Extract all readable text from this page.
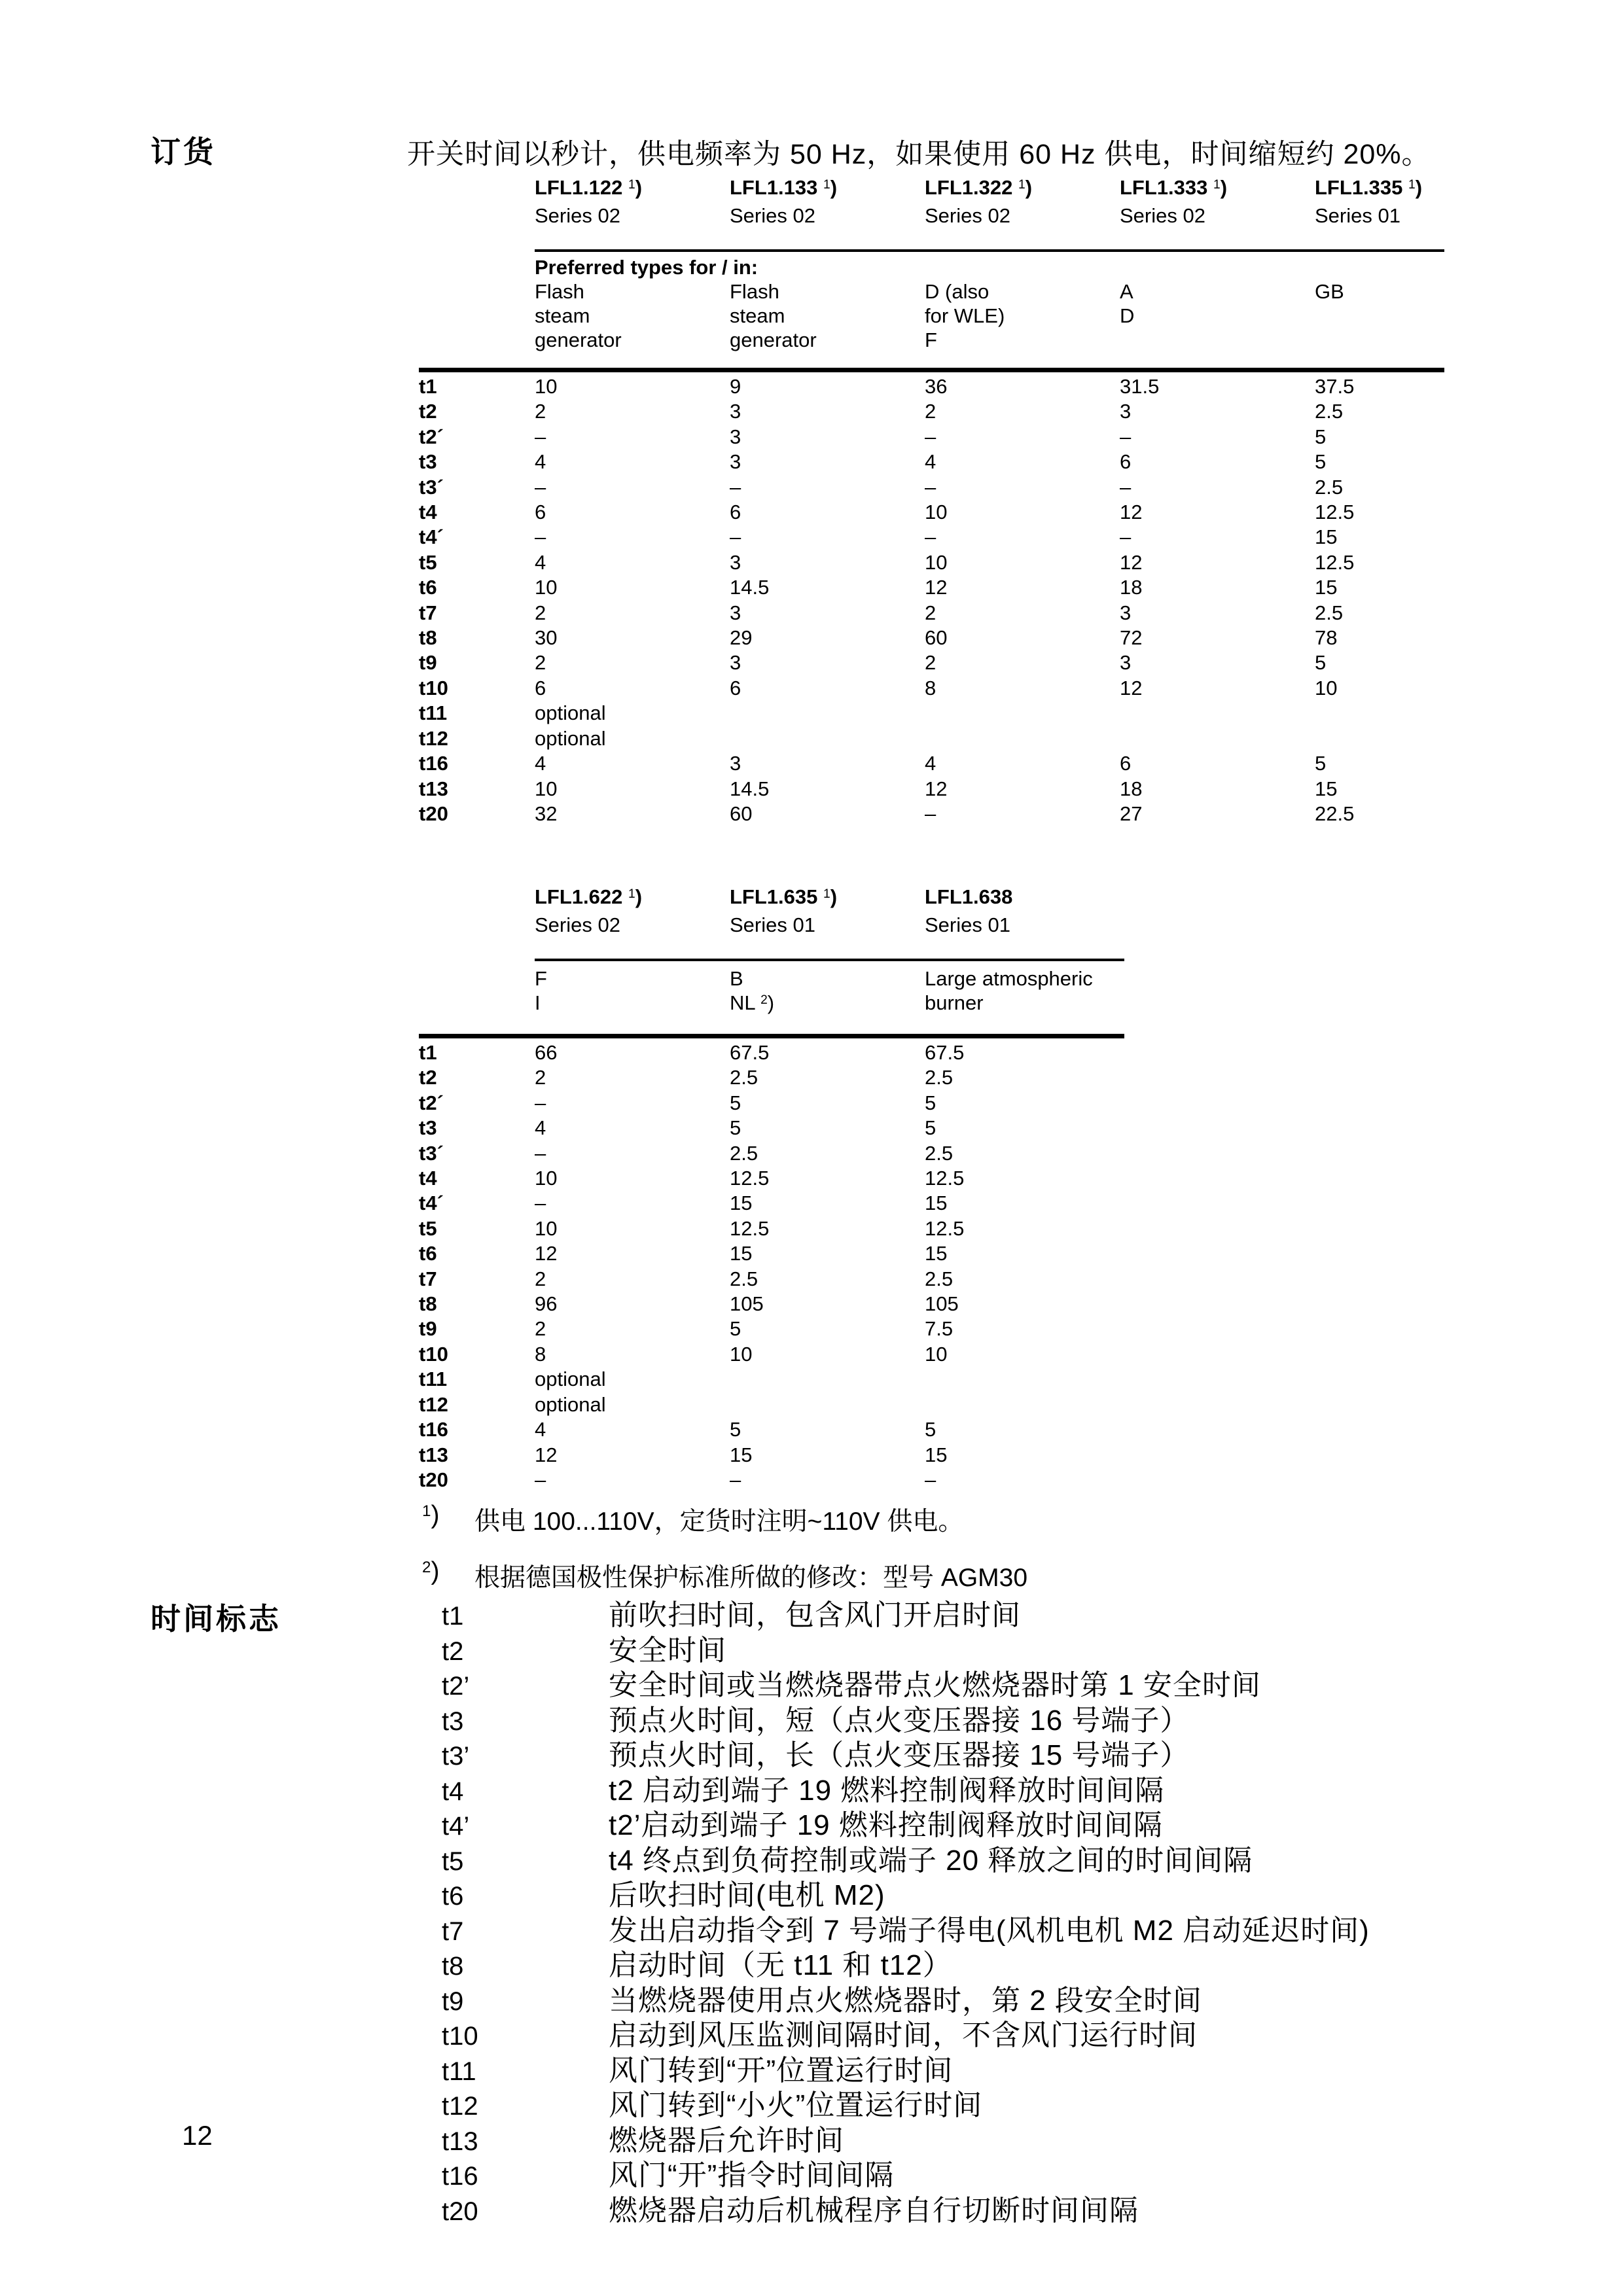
订货	开关时间以秒计，供电频率为 50 Hz，如果使用 60 Hz 供电，时间缩短约 20%。
LFL1.122 $^1$)	LFL1.133 $^1$)	LFL1.322 $^1$)	LFL1.333 $^1$)	LFL1.335 $^1$)
Series 02	Series 02	Series 02	Series 02	Series 01
Preferred types for / in:
Flash	Flash	D (also	A	GB
steam	steam	for WLE)	D
generator	generator	F
t1	10	9	36	31.5	37.5
t2	2	3	2	3	2.5
t2´	–	3	–	–	5
t3	4	3	4	6	5
t3´	–	–	–	–	2.5
t4	6	6	10	12	12.5
t4´	–	–	–	–	15
t5	4	3	10	12	12.5
t6	10	14.5	12	18	15
t7	2	3	2	3	2.5
t8	30	29	60	72	78
t9	2	3	2	3	5
t10	6	6	8	12	10
t11	optional
t12	optional
t16	4	3	4	6	5
t13	10	14.5	12	18	15
t20	32	60	–	27	22.5
LFL1.622 $^1$)	LFL1.635 $^1$)	LFL1.638
Series 02	Series 01	Series 01
F	B	Large atmospheric
I	NL $^2$)	burner
t1	66	67.5	67.5
t2	2	2.5	2.5
t2´	–	5	5
t3	4	5	5
t3´	–	2.5	2.5
t4	10	12.5	12.5
t4´	–	15	15
t5	10	12.5	12.5
t6	12	15	15
t7	2	2.5	2.5
t8	96	105	105
t9	2	5	7.5
t10	8	10	10
t11	optional
t12	optional
t16	4	5	5
t13	12	15	15
t20	–	–	–
$^1$)	供电 100...110V，定货时注明~110V 供电。
$^2$)	根据德国极性保护标准所做的修改：型号 AGM30
时间标志	t1	前吹扫时间，包含风门开启时间
t2	安全时间
t2’	安全时间或当燃烧器带点火燃烧器时第 1 安全时间
t3	预点火时间，短（点火变压器接 16 号端子）
t3’	预点火时间，长（点火变压器接 15 号端子）
t4	t2 启动到端子 19 燃料控制阀释放时间间隔
t4’	t2’启动到端子 19 燃料控制阀释放时间间隔
t5	t4 终点到负荷控制或端子 20 释放之间的时间间隔
t6	后吹扫时间(电机 M2)
t7	发出启动指令到 7 号端子得电(风机电机 M2 启动延迟时间)
t8	启动时间（无 t11 和 t12）
t9	当燃烧器使用点火燃烧器时，第 2 段安全时间
t10	启动到风压监测间隔时间，不含风门运行时间
t11	风门转到“开”位置运行时间
t12	风门转到“小火”位置运行时间
t13	燃烧器后允许时间
t16	风门“开”指令时间间隔
t20	燃烧器启动后机械程序自行切断时间间隔
12
